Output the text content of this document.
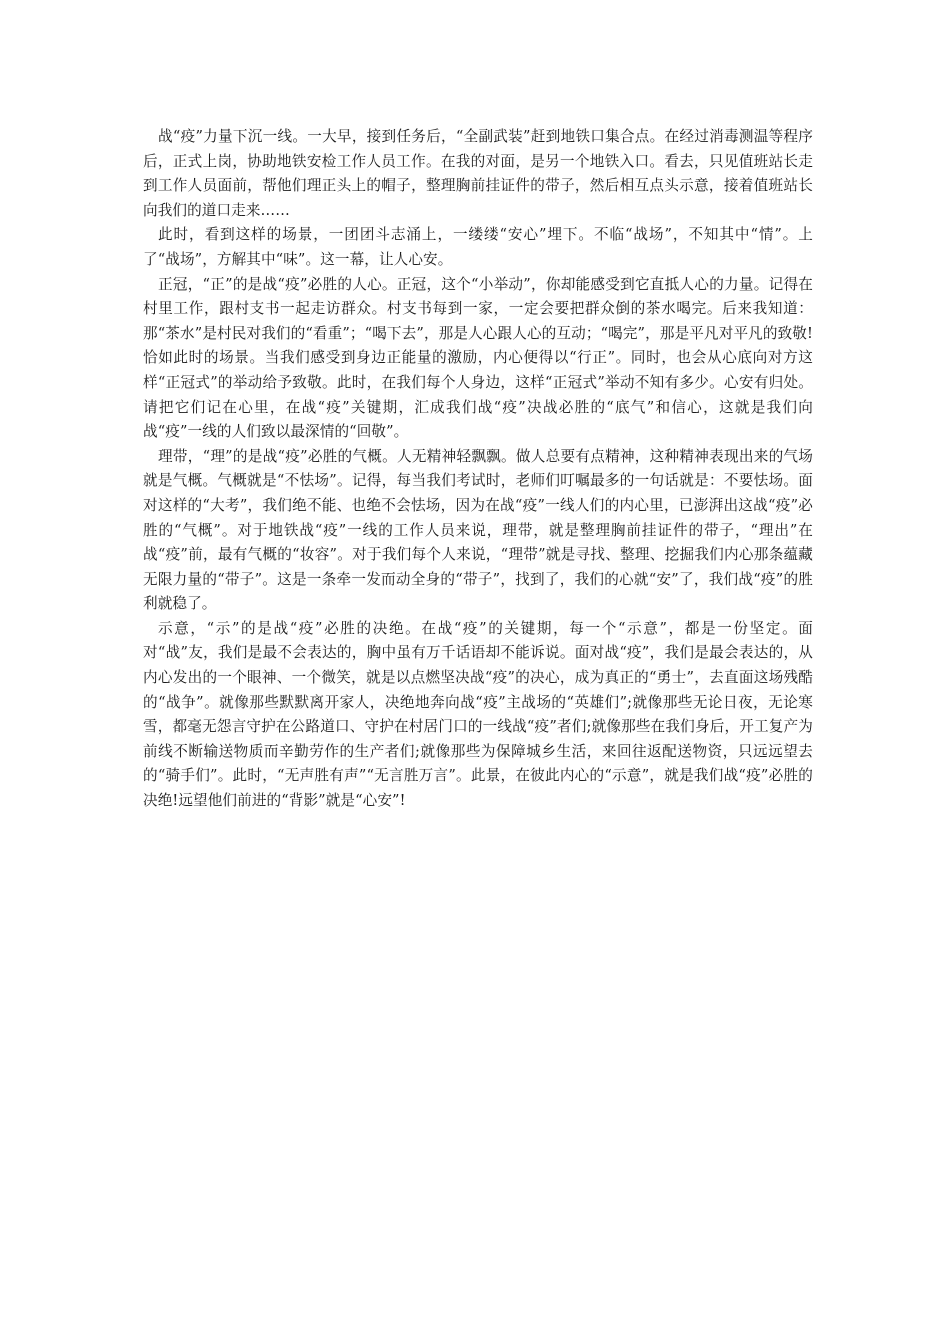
战“疫”力量下沉一线。一大早，接到任务后，“全副武装”赶到地铁口集合点。在经过消毒测温等程序后，正式上岗，协助地铁安检工作人员工作。在我的对面，是另一个地铁入口。看去，只见值班站长走到工作人员面前，帮他们理正头上的帽子，整理胸前挂证件的带子，然后相互点头示意，接着值班站长向我们的道口走来……

此时，看到这样的场景，一团团斗志涌上，一缕缕“安心”埋下。不临“战场”，不知其中“情”。上了“战场”，方解其中“味”。这一幕，让人心安。

正冠，“正”的是战“疫”必胜的人心。正冠，这个“小举动”，你却能感受到它直抵人心的力量。记得在村里工作，跟村支书一起走访群众。村支书每到一家，一定会要把群众倒的茶水喝完。后来我知道：那“茶水”是村民对我们的“看重”；“喝下去”，那是人心跟人心的互动；“喝完”，那是平凡对平凡的致敬!恰如此时的场景。当我们感受到身边正能量的激励，内心便得以“行正”。同时，也会从心底向对方这样“正冠式”的举动给予致敬。此时，在我们每个人身边，这样“正冠式”举动不知有多少。心安有归处。请把它们记在心里，在战“疫”关键期，汇成我们战“疫”决战必胜的“底气”和信心，这就是我们向战“疫”一线的人们致以最深情的“回敬”。

理带，“理”的是战“疫”必胜的气概。人无精神轻飘飘。做人总要有点精神，这种精神表现出来的气场就是气概。气概就是“不怯场”。记得，每当我们考试时，老师们叮嘱最多的一句话就是：不要怯场。面对这样的“大考”，我们绝不能、也绝不会怯场，因为在战“疫”一线人们的内心里，已澎湃出这战“疫”必胜的“气概”。对于地铁战“疫”一线的工作人员来说，理带，就是整理胸前挂证件的带子，“理出”在战“疫”前，最有气概的“妆容”。对于我们每个人来说，“理带”就是寻找、整理、挖掘我们内心那条蕴藏无限力量的“带子”。这是一条牵一发而动全身的“带子”，找到了，我们的心就“安”了，我们战“疫”的胜利就稳了。

示意，“示”的是战“疫”必胜的决绝。在战“疫”的关键期，每一个“示意”，都是一份坚定。面对“战”友，我们是最不会表达的，胸中虽有万千话语却不能诉说。面对战“疫”，我们是最会表达的，从内心发出的一个眼神、一个微笑，就是以点燃坚决战“疫”的决心，成为真正的“勇士”，去直面这场残酷的“战争”。就像那些默默离开家人，决绝地奔向战“疫”主战场的“英雄们”;就像那些无论日夜，无论寒雪，都毫无怨言守护在公路道口、守护在村居门口的一线战“疫”者们;就像那些在我们身后，开工复产为前线不断输送物质而辛勤劳作的生产者们;就像那些为保障城乡生活，来回往返配送物资，只远远望去的“骑手们”。此时，“无声胜有声”“无言胜万言”。此景，在彼此内心的“示意”，就是我们战“疫”必胜的决绝!远望他们前进的“背影”就是“心安”!
